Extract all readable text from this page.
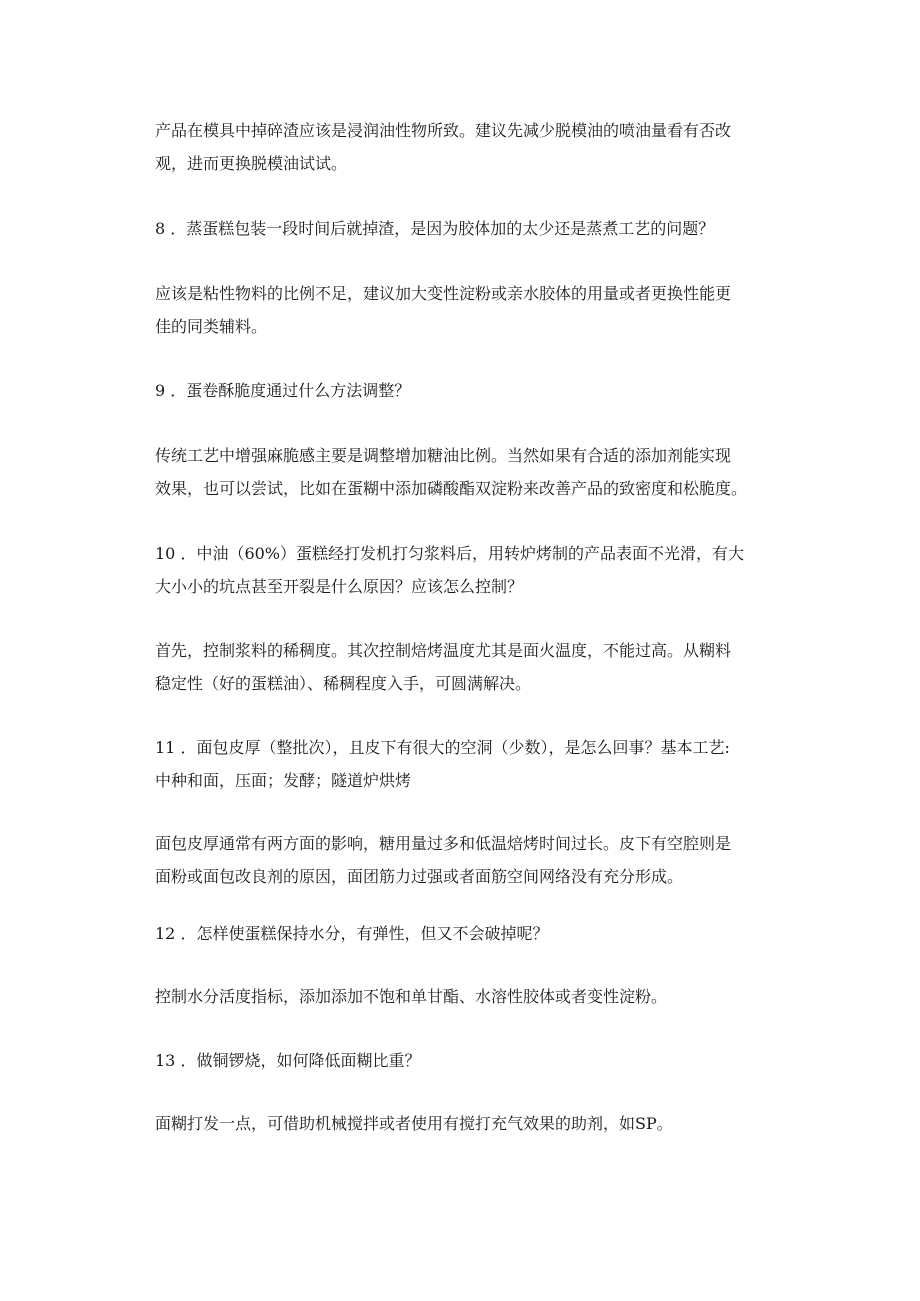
产品在模具中掉碎渣应该是浸润油性物所致。建议先减少脱模油的喷油量看有否改
观，进而更换脱模油试试。

8 ．蒸蛋糕包装一段时间后就掉渣，是因为胶体加的太少还是蒸煮工艺的问题？

应该是粘性物料的比例不足，建议加大变性淀粉或亲水胶体的用量或者更换性能更
佳的同类辅料。

9 ．蛋卷酥脆度通过什么方法调整？

传统工艺中增强麻脆感主要是调整增加糖油比例。当然如果有合适的添加剂能实现
效果，也可以尝试，比如在蛋糊中添加磷酸酯双淀粉来改善产品的致密度和松脆度。

10 ．中油（60%）蛋糕经打发机打匀浆料后，用转炉烤制的产品表面不光滑，有大
大小小的坑点甚至开裂是什么原因？应该怎么控制？

首先，控制浆料的稀稠度。其次控制焙烤温度尤其是面火温度，不能过高。从糊料
稳定性（好的蛋糕油）、稀稠程度入手，可圆满解决。

11 ．面包皮厚（整批次），且皮下有很大的空洞（少数），是怎么回事？基本工艺:
中种和面，压面；发酵；隧道炉烘烤

面包皮厚通常有两方面的影响，糖用量过多和低温焙烤时间过长。皮下有空腔则是
面粉或面包改良剂的原因，面团筋力过强或者面筋空间网络没有充分形成。

12 ．怎样使蛋糕保持水分，有弹性，但又不会破掉呢？

控制水分活度指标，添加添加不饱和单甘酯、水溶性胶体或者变性淀粉。

13 ．做铜锣烧，如何降低面糊比重？

面糊打发一点，可借助机械搅拌或者使用有搅打充气效果的助剂，如SP。
